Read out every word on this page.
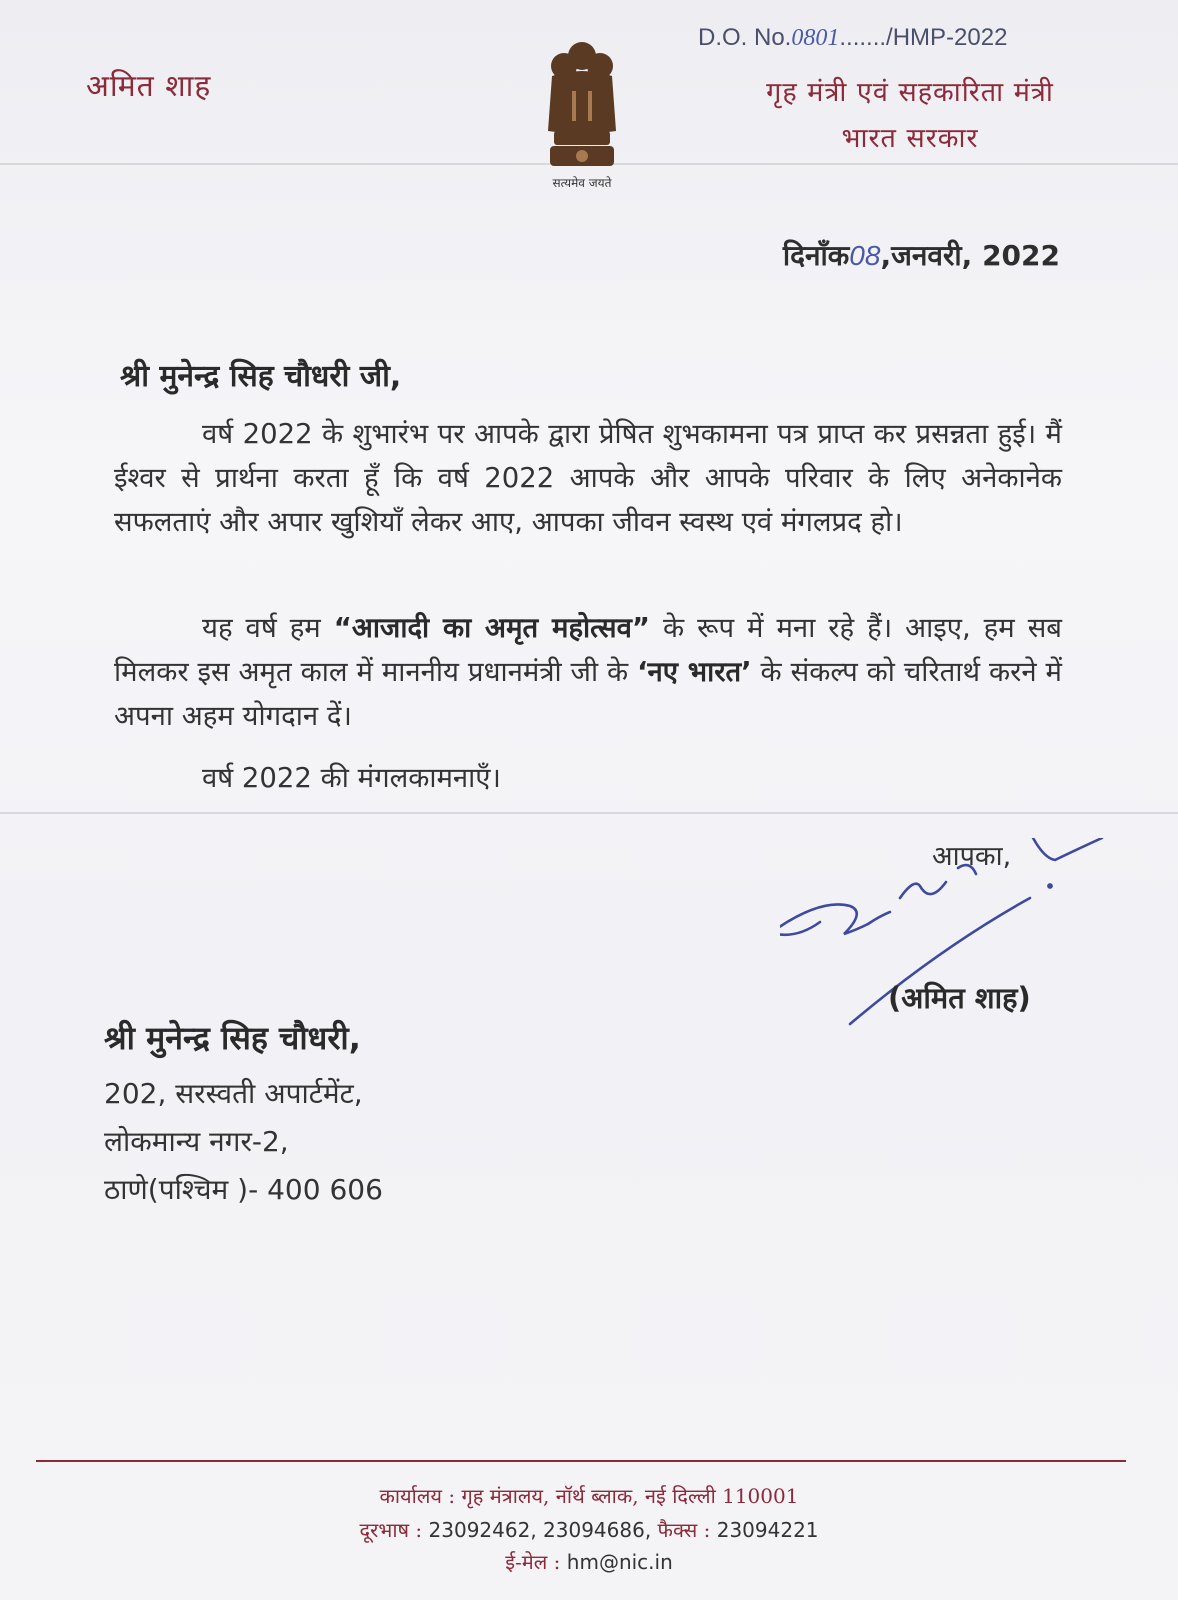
अमित शाह
सत्यमेव जयते
D.O. No.0801......./HMP-2022
गृह मंत्री एवं सहकारिता मंत्री
भारत सरकार
दिनाँक08,जनवरी, 2022
श्री मुनेन्द्र सिह चौधरी जी,
वर्ष 2022 के शुभारंभ पर आपके द्वारा प्रेषित शुभकामना पत्र प्राप्त कर प्रसन्नता हुई। मैं ईश्वर से प्रार्थना करता हूँ कि वर्ष 2022 आपके और आपके परिवार के लिए अनेकानेक सफलताएं और अपार खुशियाँ लेकर आए, आपका जीवन स्वस्थ एवं मंगलप्रद हो।
यह वर्ष हम “आजादी का अमृत महोत्सव” के रूप में मना रहे हैं। आइए, हम सब मिलकर इस अमृत काल में माननीय प्रधानमंत्री जी के ‘नए भारत’ के संकल्प को चरितार्थ करने में अपना अहम योगदान दें।
वर्ष 2022 की मंगलकामनाएँ।
आपका,
(अमित शाह)
श्री मुनेन्द्र सिह चौधरी,
202, सरस्वती अपार्टमेंट,
लोकमान्य नगर-2,
ठाणे(पश्चिम )- 400 606
कार्यालय : गृह मंत्रालय, नॉर्थ ब्लाक, नई दिल्ली 110001
दूरभाष : 23092462, 23094686, फैक्स : 23094221
ई-मेल : hm@nic.in
